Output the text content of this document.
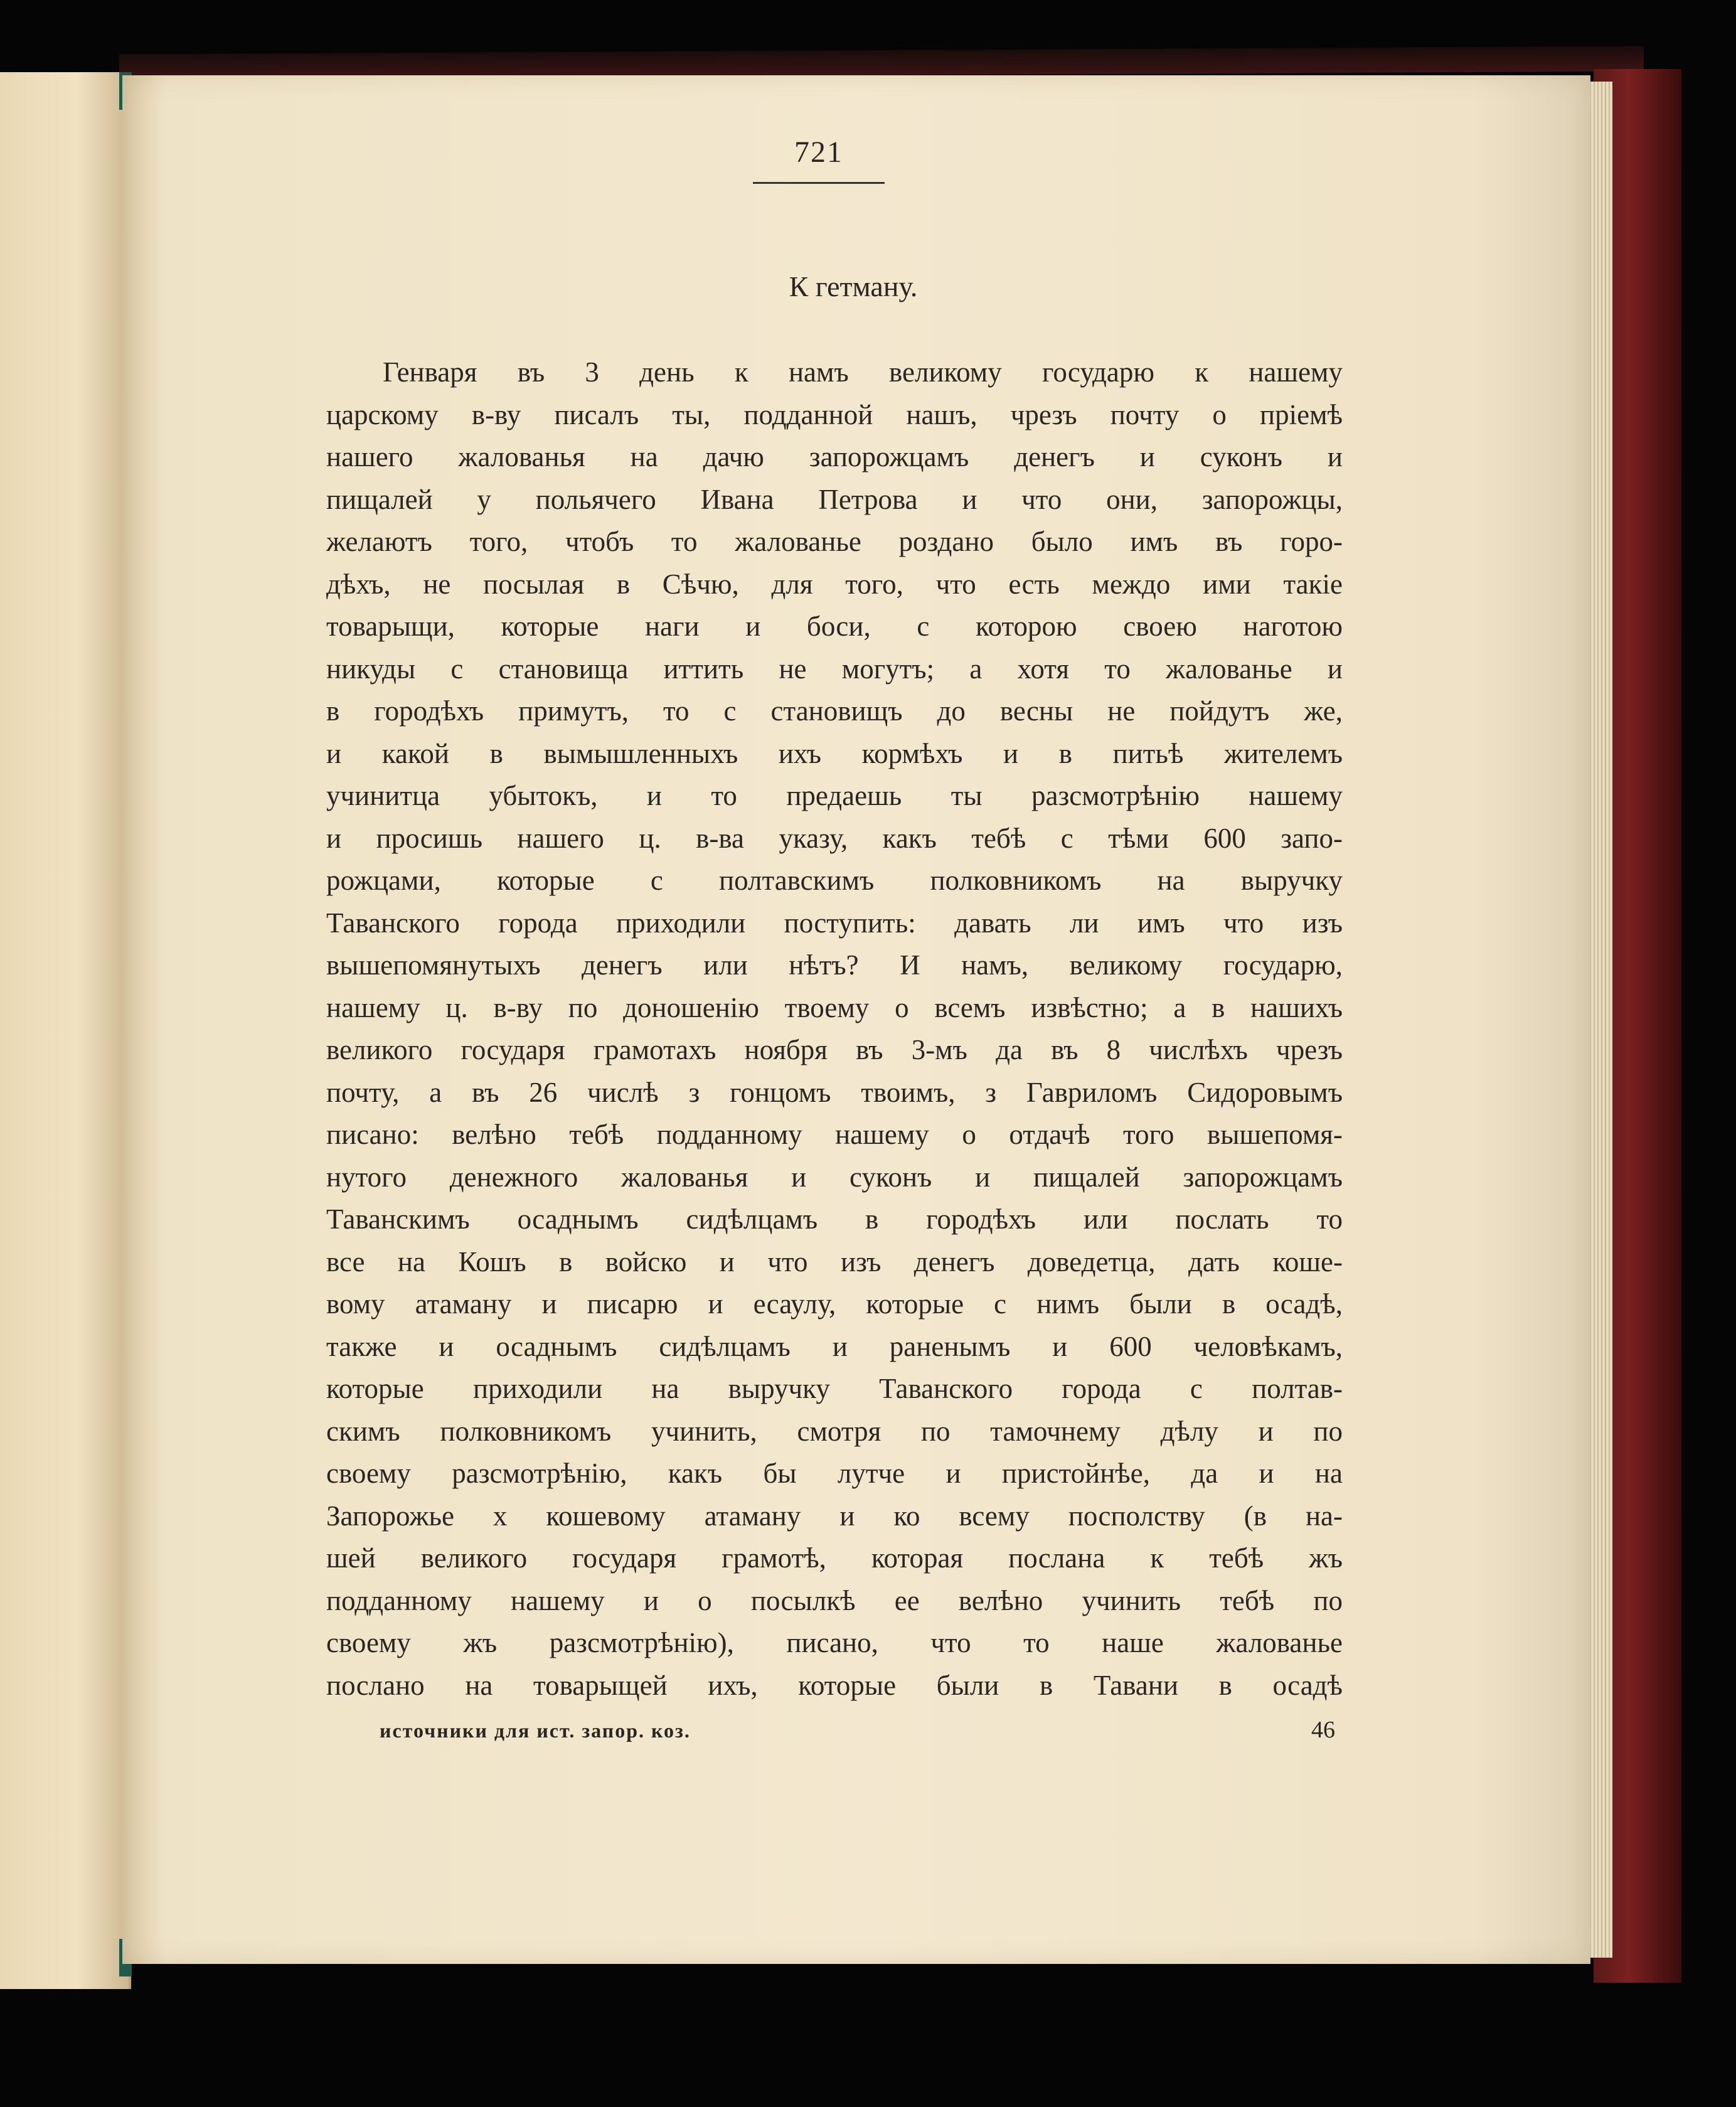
721
К гетману.
Генваря въ 3 день к намъ великому государю к нашему
царскому в-ву писалъ ты, подданной нашъ, чрезъ почту о прiемѣ
нашего жалованья на дачю запорожцамъ денегъ и суконъ и
пищалей у польячего Ивана Петрова и что они, запорожцы,
желаютъ того, чтобъ то жалованье роздано было имъ въ горо-
дѣхъ, не посылая в Сѣчю, для того, что есть междо ими такiе
товарыщи, которые наги и боси, с которою своею наготою
никуды с становища иттить не могутъ; а хотя то жалованье и
в городѣхъ примутъ, то с становищъ до весны не пойдутъ же,
и какой в вымышленныхъ ихъ кормѣхъ и в питьѣ жителемъ
учинитца убытокъ, и то предаешь ты разсмотрѣнiю нашему
и просишь нашего ц. в-ва указу, какъ тебѣ с тѣми 600 запо-
рожцами, которые с полтавскимъ полковникомъ на выручку
Таванского города приходили поступить: давать ли имъ что изъ
вышепомянутыхъ денегъ или нѣтъ? И намъ, великому государю,
нашему ц. в-ву по доношенiю твоему о всемъ извѣстно; а в нашихъ
великого государя грамотахъ ноября въ 3-мъ да въ 8 числѣхъ чрезъ
почту, а въ 26 числѣ з гонцомъ твоимъ, з Гавриломъ Сидоровымъ
писано: велѣно тебѣ подданному нашему о отдачѣ того вышепомя-
нутого денежного жалованья и суконъ и пищалей запорожцамъ
Таванскимъ осаднымъ сидѣлцамъ в городѣхъ или послать то
все на Кошъ в войско и что изъ денегъ доведетца, дать коше-
вому атаману и писарю и есаулу, которые с нимъ были в осадѣ,
также и осаднымъ сидѣлцамъ и раненымъ и 600 человѣкамъ,
которые приходили на выручку Таванского города с полтав-
скимъ полковникомъ учинить, смотря по тамочнему дѣлу и по
своему разсмотрѣнiю, какъ бы лутче и пристойнѣе, да и на
Запорожье х кошевому атаману и ко всему посполству (в на-
шей великого государя грамотѣ, которая послана к тебѣ жъ
подданному нашему и о посылкѣ ее велѣно учинить тебѣ по
своему жъ разсмотрѣнiю), писано, что то наше жалованье
послано на товарыщей ихъ, которые были в Тавани в осадѣ
источники для ист. запор. коз.	46
